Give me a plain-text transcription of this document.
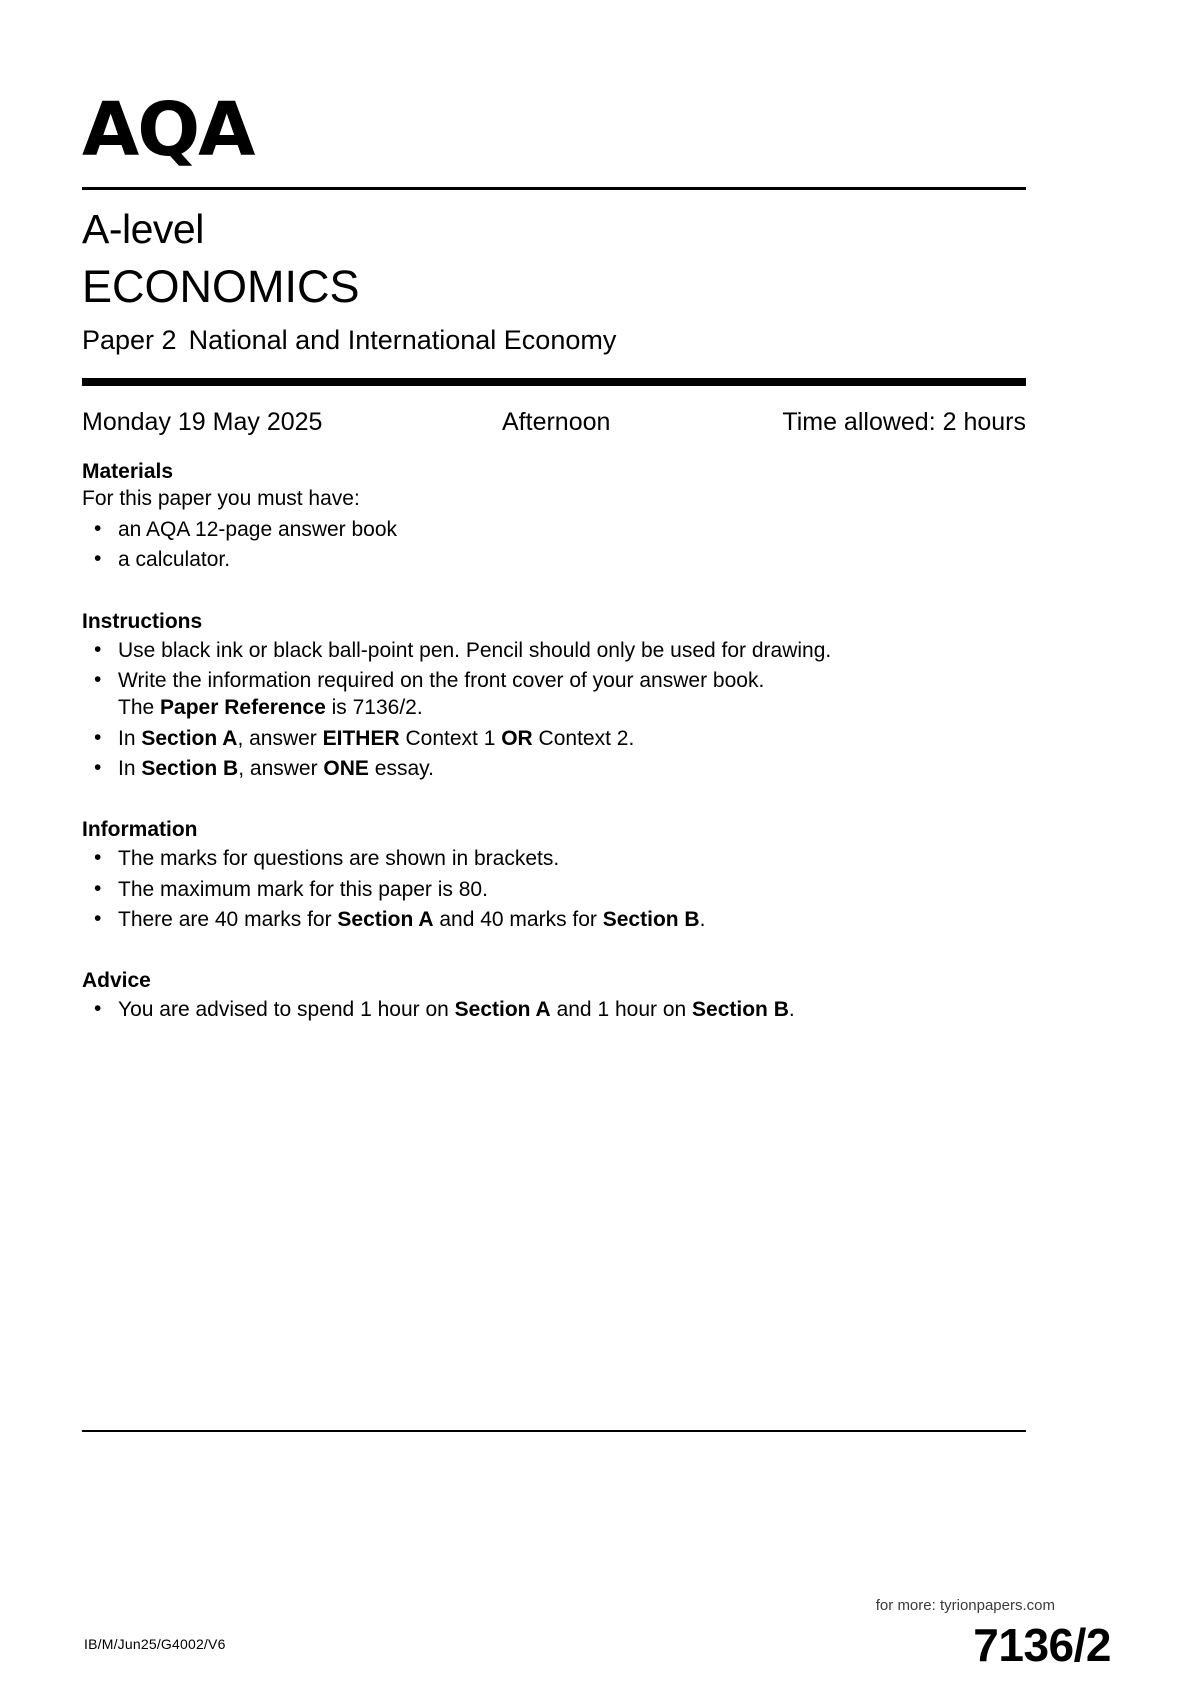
AQA
A-level
ECONOMICS
Paper 2 National and International Economy
Monday 19 May 2025	Afternoon	Time allowed: 2 hours
Materials
For this paper you must have:
• an AQA 12-page answer book
• a calculator.
Instructions
• Use black ink or black ball-point pen. Pencil should only be used for drawing.
• Write the information required on the front cover of your answer book.
The Paper Reference is 7136/2.
• In Section A, answer EITHER Context 1 OR Context 2.
• In Section B, answer ONE essay.
Information
• The marks for questions are shown in brackets.
• The maximum mark for this paper is 80.
• There are 40 marks for Section A and 40 marks for Section B.
Advice
• You are advised to spend 1 hour on Section A and 1 hour on Section B.
for more: tyrionpapers.com
IB/M/Jun25/G4002/V6	7136/2
